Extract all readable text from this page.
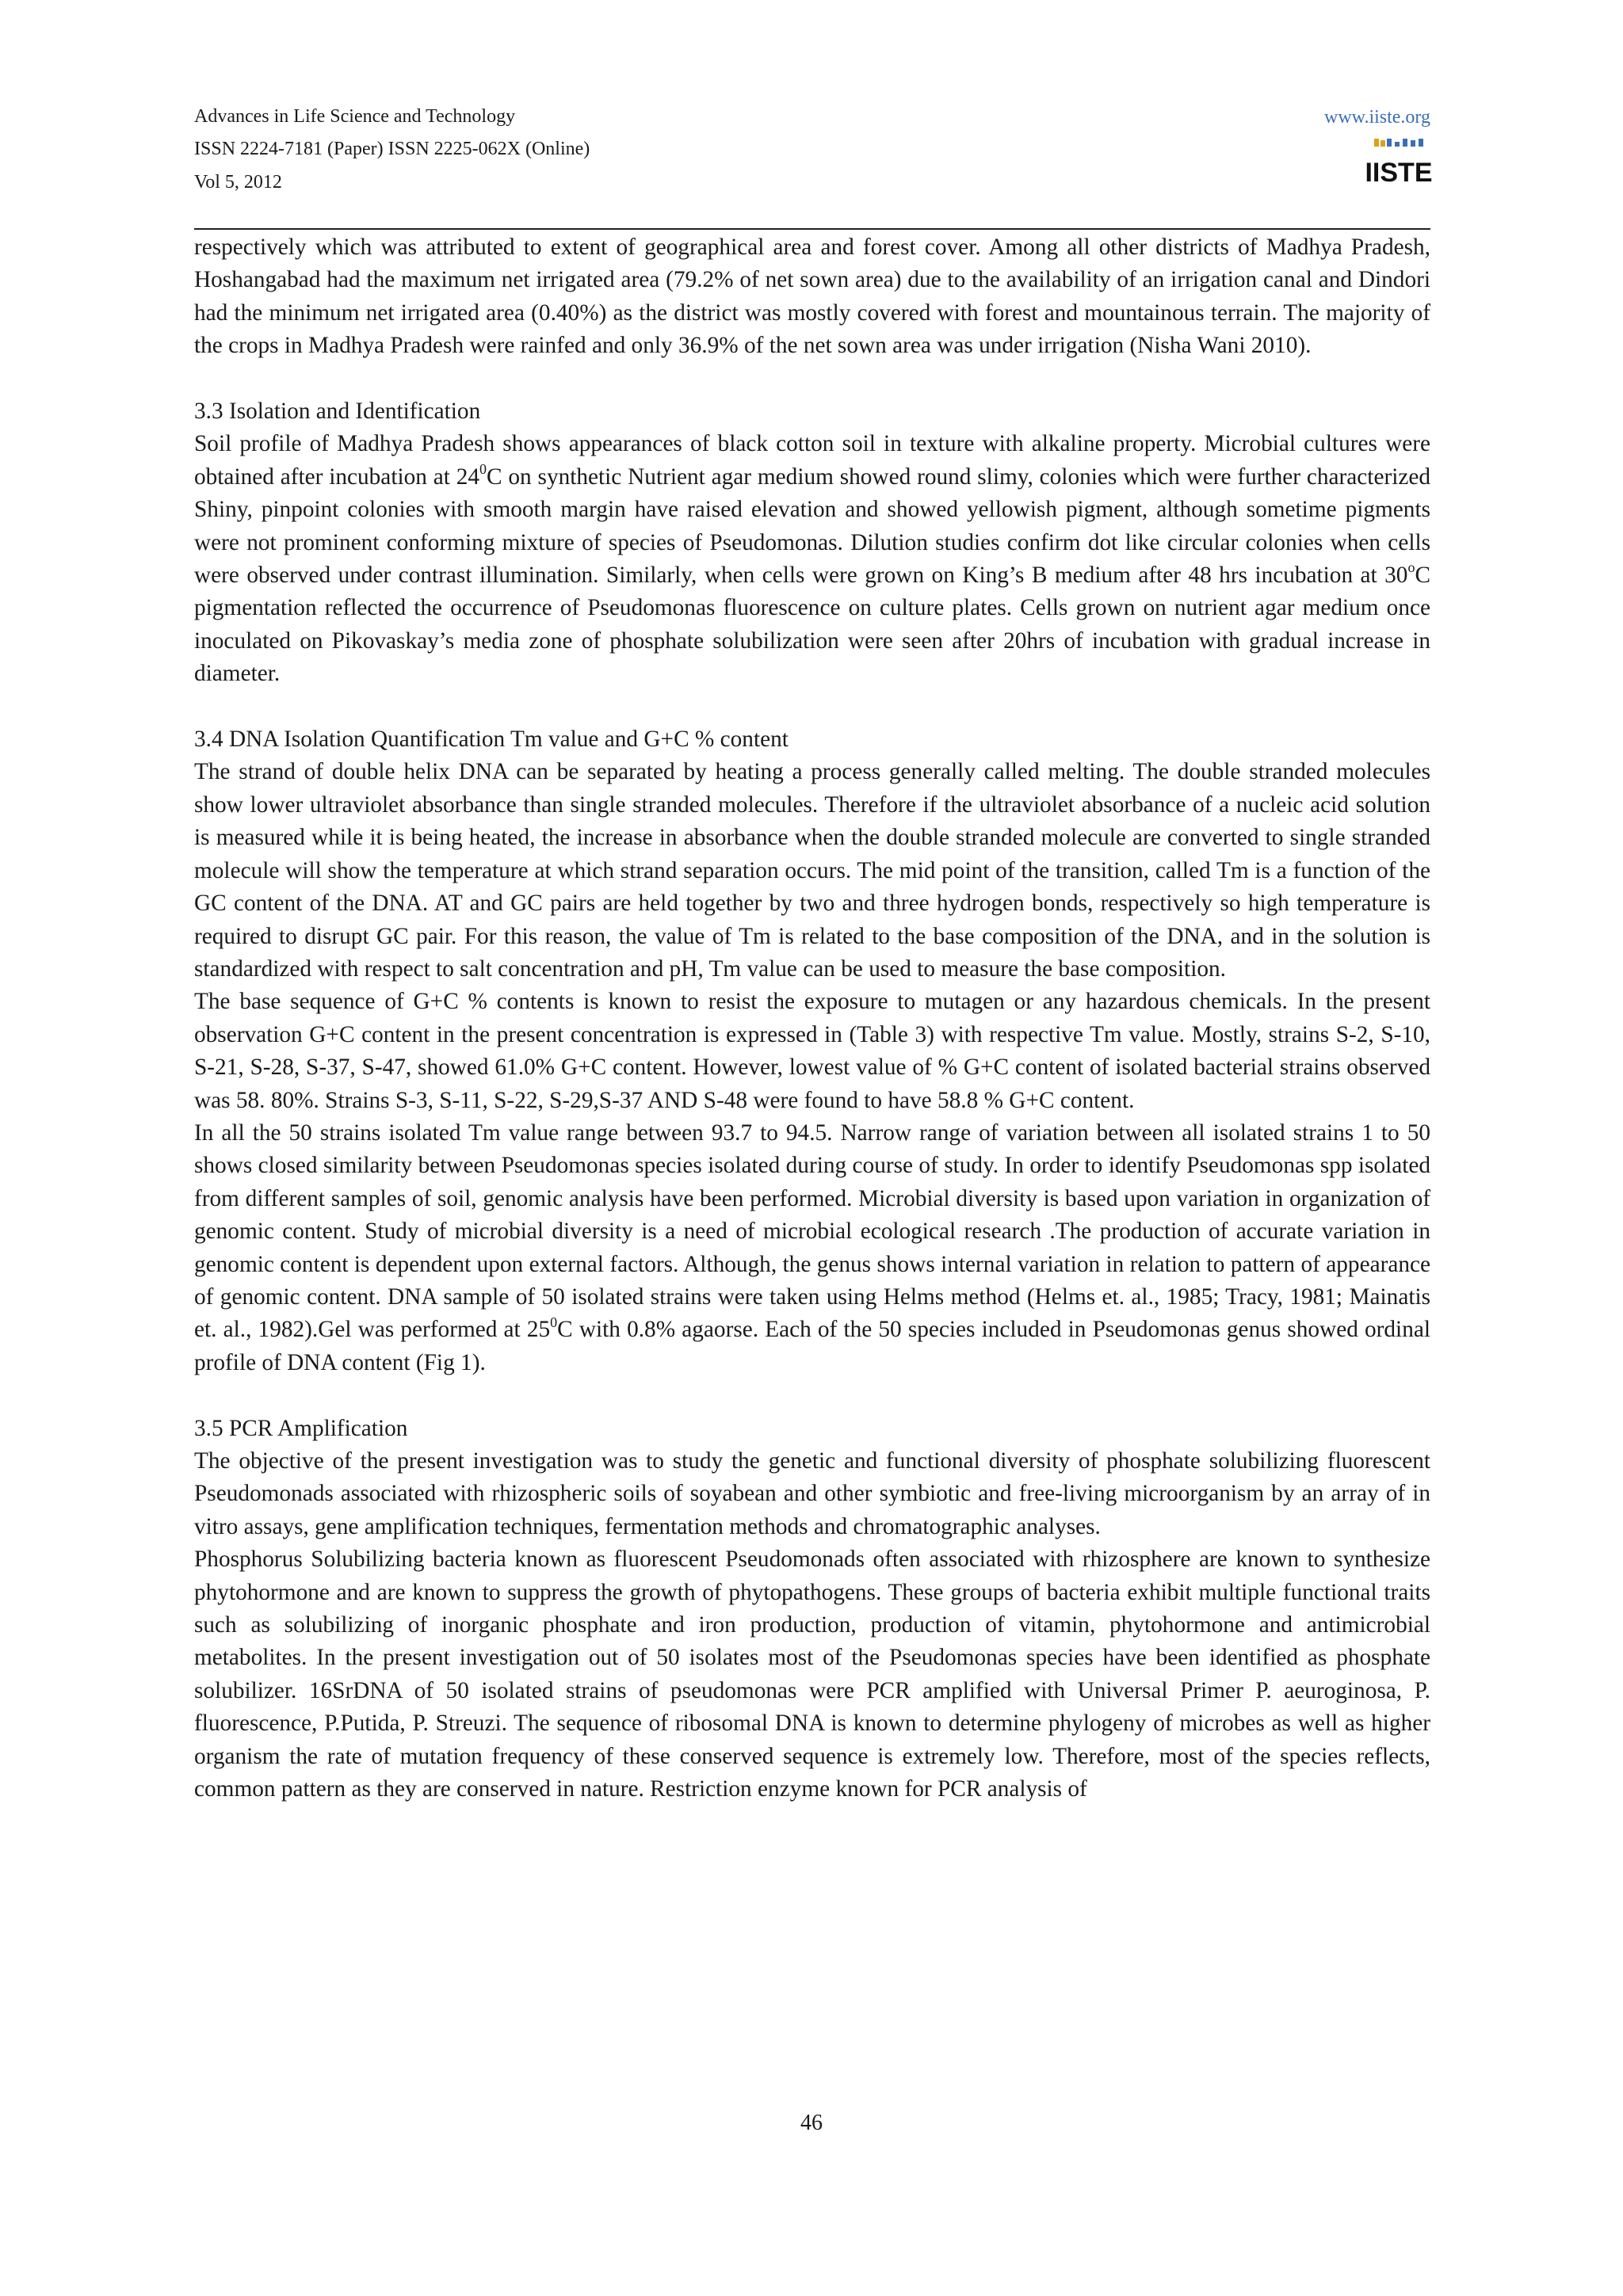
Advances in Life Science and Technology
ISSN 2224-7181 (Paper) ISSN 2225-062X (Online)
Vol 5, 2012
www.iiste.org
IISTE

respectively which was attributed to extent of geographical area and forest cover. Among all other districts of Madhya Pradesh, Hoshangabad had the maximum net irrigated area (79.2% of net sown area) due to the availability of an irrigation canal and Dindori had the minimum net irrigated area (0.40%) as the district was mostly covered with forest and mountainous terrain. The majority of the crops in Madhya Pradesh were rainfed and only 36.9% of the net sown area was under irrigation (Nisha Wani 2010).

3.3 Isolation and Identification

Soil profile of Madhya Pradesh shows appearances of black cotton soil in texture with alkaline property. Microbial cultures were obtained after incubation at $24^0C$ on synthetic Nutrient agar medium showed round slimy, colonies which were further characterized Shiny, pinpoint colonies with smooth margin have raised elevation and showed yellowish pigment, although sometime pigments were not prominent conforming mixture of species of Pseudomonas. Dilution studies confirm dot like circular colonies when cells were observed under contrast illumination. Similarly, when cells were grown on King’s B medium after 48 hrs incubation at 30$^o$C pigmentation reflected the occurrence of Pseudomonas fluorescence on culture plates. Cells grown on nutrient agar medium once inoculated on Pikovaskay’s media zone of phosphate solubilization were seen after 20hrs of incubation with gradual increase in diameter.

3.4 DNA Isolation Quantification Tm value and G+C % content

The strand of double helix DNA can be separated by heating a process generally called melting. The double stranded molecules show lower ultraviolet absorbance than single stranded molecules. Therefore if the ultraviolet absorbance of a nucleic acid solution is measured while it is being heated, the increase in absorbance when the double stranded molecule are converted to single stranded molecule will show the temperature at which strand separation occurs. The mid point of the transition, called Tm is a function of the GC content of the DNA. AT and GC pairs are held together by two and three hydrogen bonds, respectively so high temperature is required to disrupt GC pair. For this reason, the value of Tm is related to the base composition of the DNA, and in the solution is standardized with respect to salt concentration and pH, Tm value can be used to measure the base composition.

The base sequence of G+C % contents is known to resist the exposure to mutagen or any hazardous chemicals. In the present observation G+C content in the present concentration is expressed in (Table 3) with respective Tm value. Mostly, strains S-2, S-10, S-21, S-28, S-37, S-47, showed 61.0% G+C content. However, lowest value of % G+C content of isolated bacterial strains observed was 58. 80%. Strains S-3, S-11, S-22, S-29,S-37 AND S-48 were found to have 58.8 % G+C content.

In all the 50 strains isolated Tm value range between 93.7 to 94.5. Narrow range of variation between all isolated strains 1 to 50 shows closed similarity between Pseudomonas species isolated during course of study. In order to identify Pseudomonas spp isolated from different samples of soil, genomic analysis have been performed. Microbial diversity is based upon variation in organization of genomic content. Study of microbial diversity is a need of microbial ecological research .The production of accurate variation in genomic content is dependent upon external factors. Although, the genus shows internal variation in relation to pattern of appearance of genomic content. DNA sample of 50 isolated strains were taken using Helms method (Helms et. al., 1985; Tracy, 1981; Mainatis et. al., 1982).Gel was performed at $25^0C$ with 0.8% agaorse. Each of the 50 species included in Pseudomonas genus showed ordinal profile of DNA content (Fig 1).

3.5 PCR Amplification

The objective of the present investigation was to study the genetic and functional diversity of phosphate solubilizing fluorescent Pseudomonads associated with rhizospheric soils of soyabean and other symbiotic and free-living microorganism by an array of in vitro assays, gene amplification techniques, fermentation methods and chromatographic analyses.

Phosphorus Solubilizing bacteria known as fluorescent Pseudomonads often associated with rhizosphere are known to synthesize phytohormone and are known to suppress the growth of phytopathogens. These groups of bacteria exhibit multiple functional traits such as solubilizing of inorganic phosphate and iron production, production of vitamin, phytohormone and antimicrobial metabolites. In the present investigation out of 50 isolates most of the Pseudomonas species have been identified as phosphate solubilizer. 16SrDNA of 50 isolated strains of pseudomonas were PCR amplified with Universal Primer P. aeuroginosa, P. fluorescence, P.Putida, P. Streuzi. The sequence of ribosomal DNA is known to determine phylogeny of microbes as well as higher organism the rate of mutation frequency of these conserved sequence is extremely low. Therefore, most of the species reflects, common pattern as they are conserved in nature. Restriction enzyme known for PCR analysis of

46
